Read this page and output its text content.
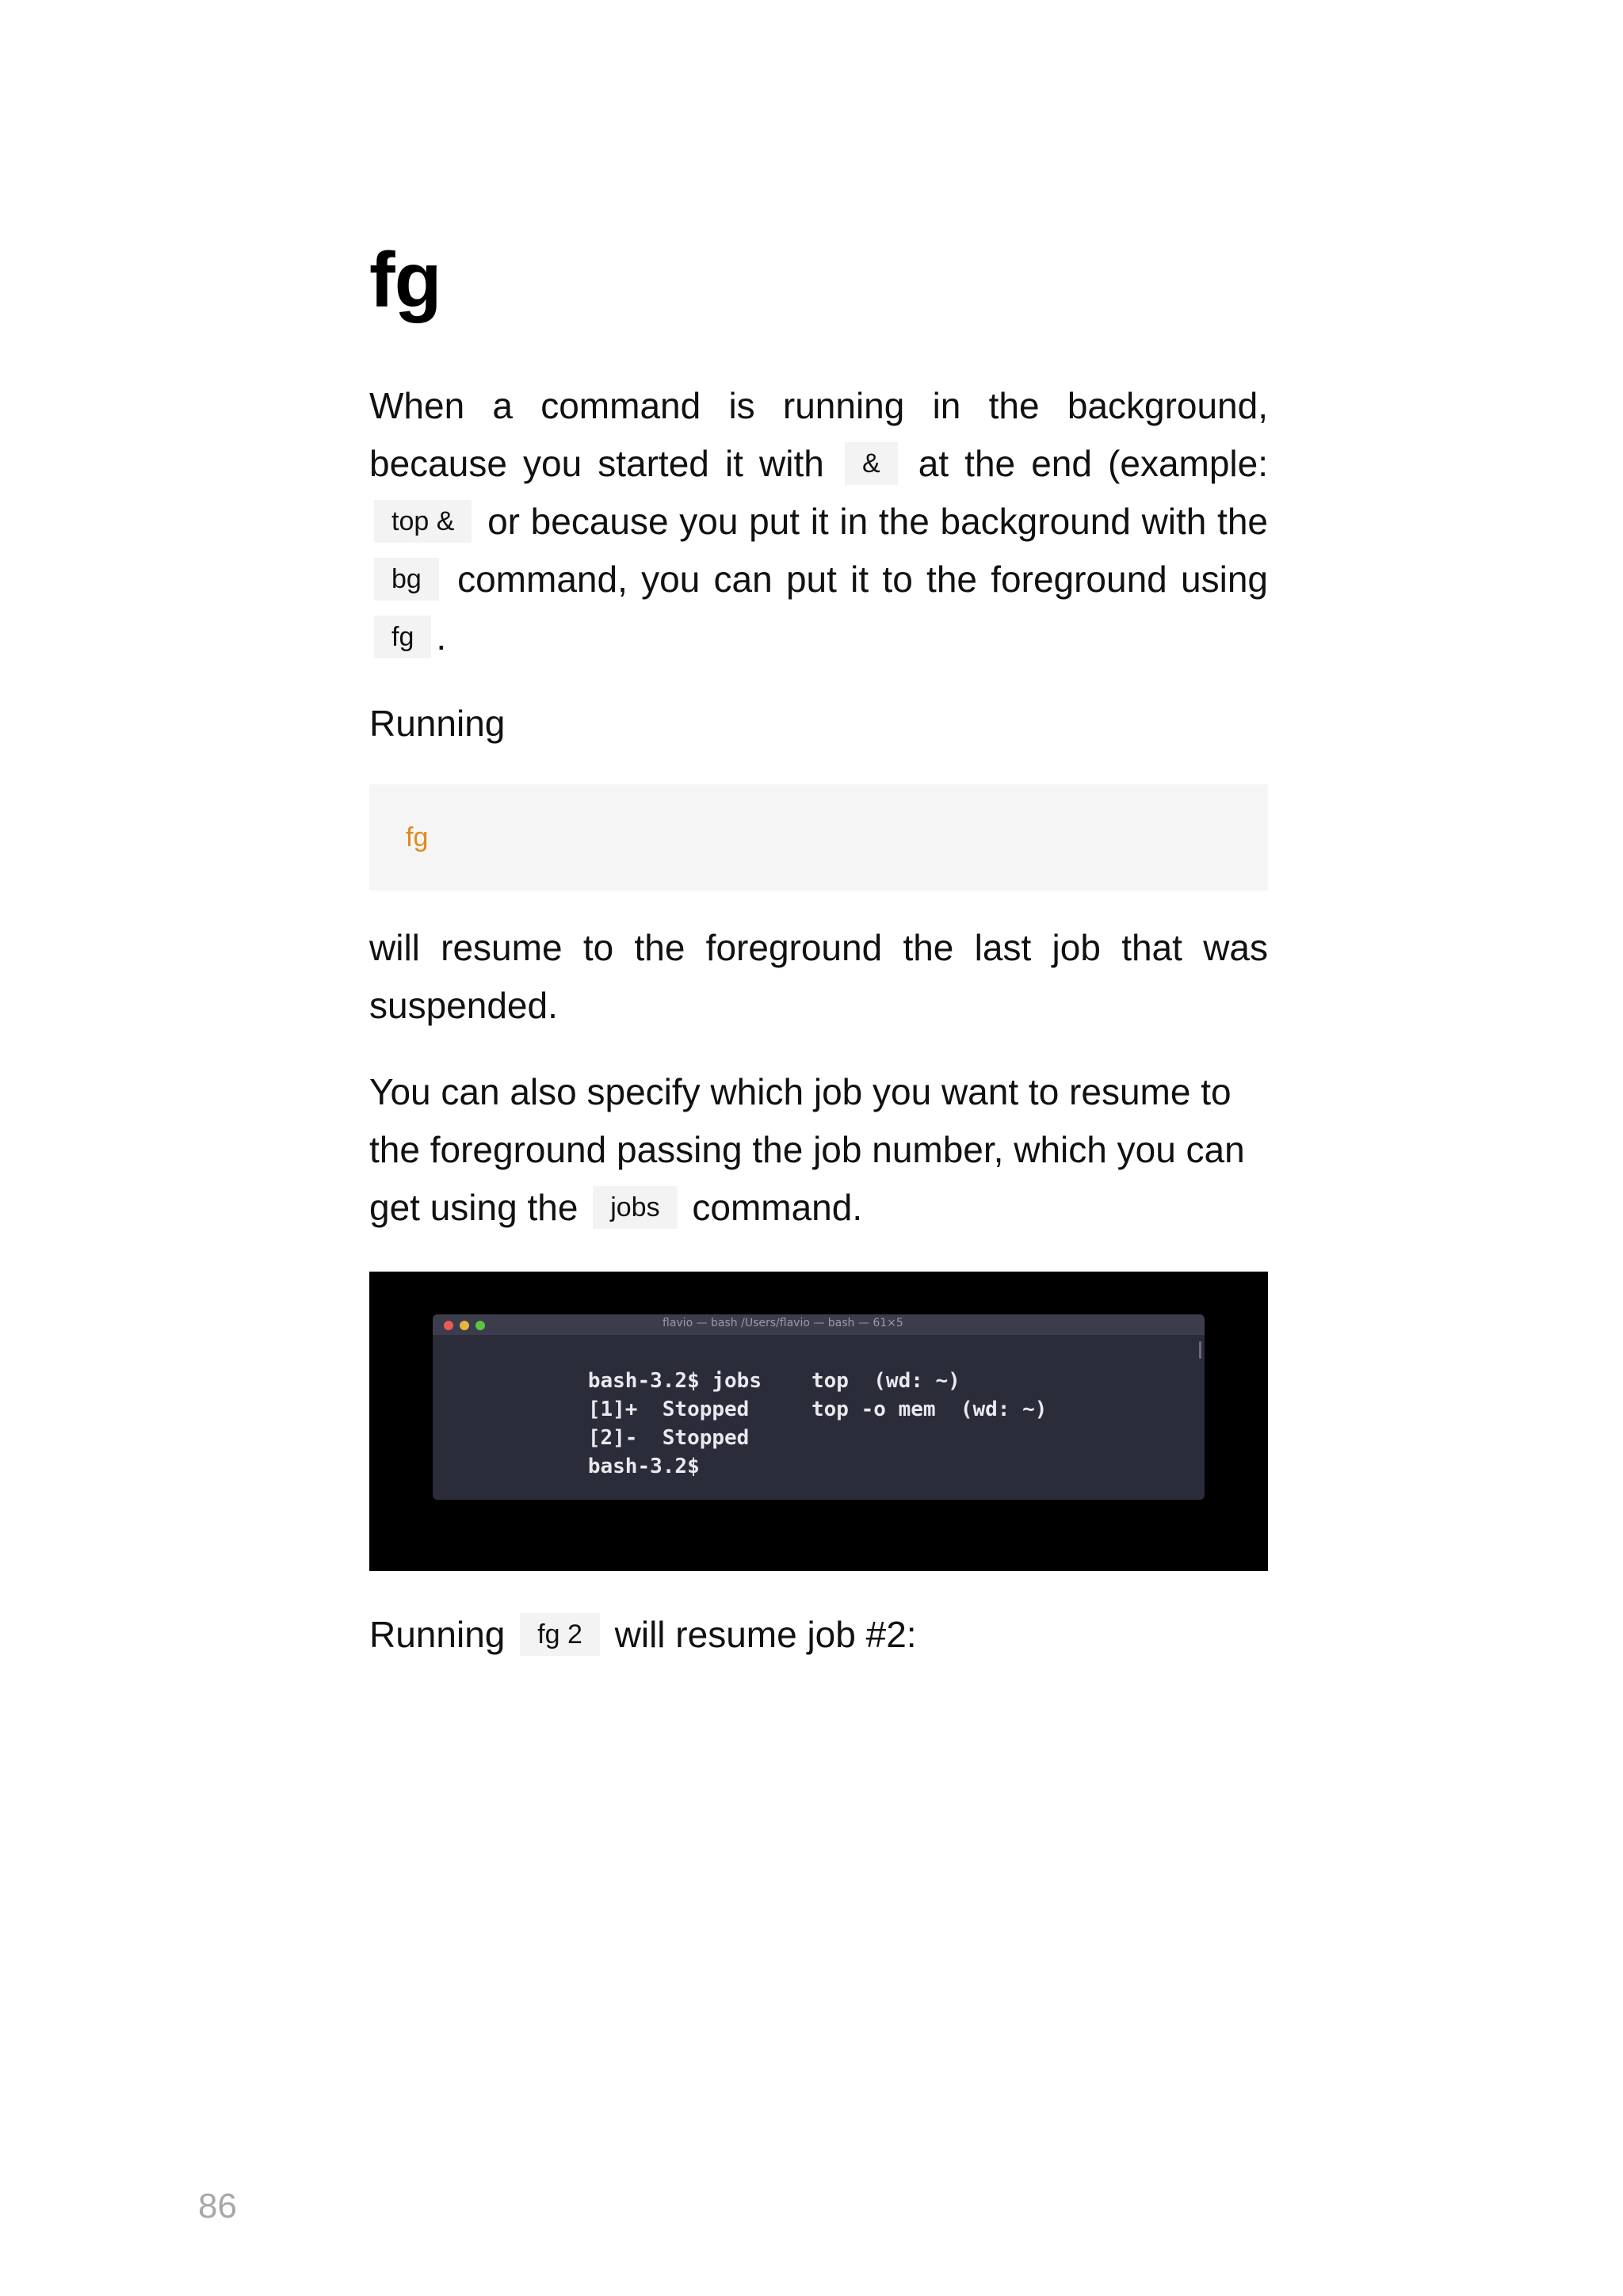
fg

When a command is running in the background, because you started it with & at the end (example: top & or because you put it in the background with the bg command, you can put it to the foreground using fg .

Running

fg

will resume to the foreground the last job that was suspended.

You can also specify which job you want to resume to the foreground passing the job number, which you can get using the jobs command.

flavio — bash /Users/flavio — bash — 61×5

bash-3.2$ jobs

[1]+  Stopped

top  (wd: ~)

[2]-  Stopped

top -o mem  (wd: ~)

bash-3.2$

Running fg 2 will resume job #2:

86
